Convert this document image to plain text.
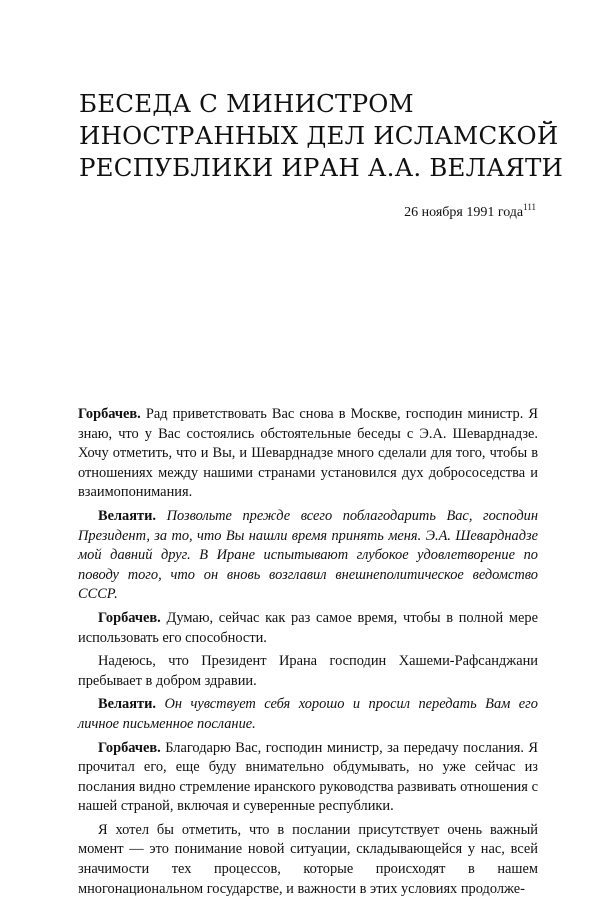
БЕСЕДА С МИНИСТРОМ
ИНОСТРАННЫХ ДЕЛ ИСЛАМСКОЙ
РЕСПУБЛИКИ ИРАН А.А. ВЕЛАЯТИ
26 ноября 1991 года$^{111}$

Горбачев. Рад приветствовать Вас снова в Москве, господин министр. Я знаю, что у Вас состоялись обстоятельные беседы с Э.А. Шеварднадзе. Хочу отметить, что и Вы, и Шеварднадзе много сделали для того, чтобы в отношениях между нашими странами установился дух добрососедства и взаимопонимания.

Велаяти. Позвольте прежде всего поблагодарить Вас, господин Президент, за то, что Вы нашли время принять меня. Э.А. Шеварднадзе мой давний друг. В Иране испытывают глубокое удовлетворение по поводу того, что он вновь возглавил внешнеполитическое ведомство СССР.

Горбачев. Думаю, сейчас как раз самое время, чтобы в полной мере использовать его способности.

Надеюсь, что Президент Ирана господин Хашеми-Рафсанджани пребывает в добром здравии.

Велаяти. Он чувствует себя хорошо и просил передать Вам его личное письменное послание.

Горбачев. Благодарю Вас, господин министр, за передачу послания. Я прочитал его, еще буду внимательно обдумывать, но уже сейчас из послания видно стремление иранского руководства развивать отношения с нашей страной, включая и суверенные республики.

Я хотел бы отметить, что в послании присутствует очень важный момент — это понимание новой ситуации, складывающейся у нас, всей значимости тех процессов, которые происходят в нашем многонациональном государстве, и важности в этих условиях продолже-
